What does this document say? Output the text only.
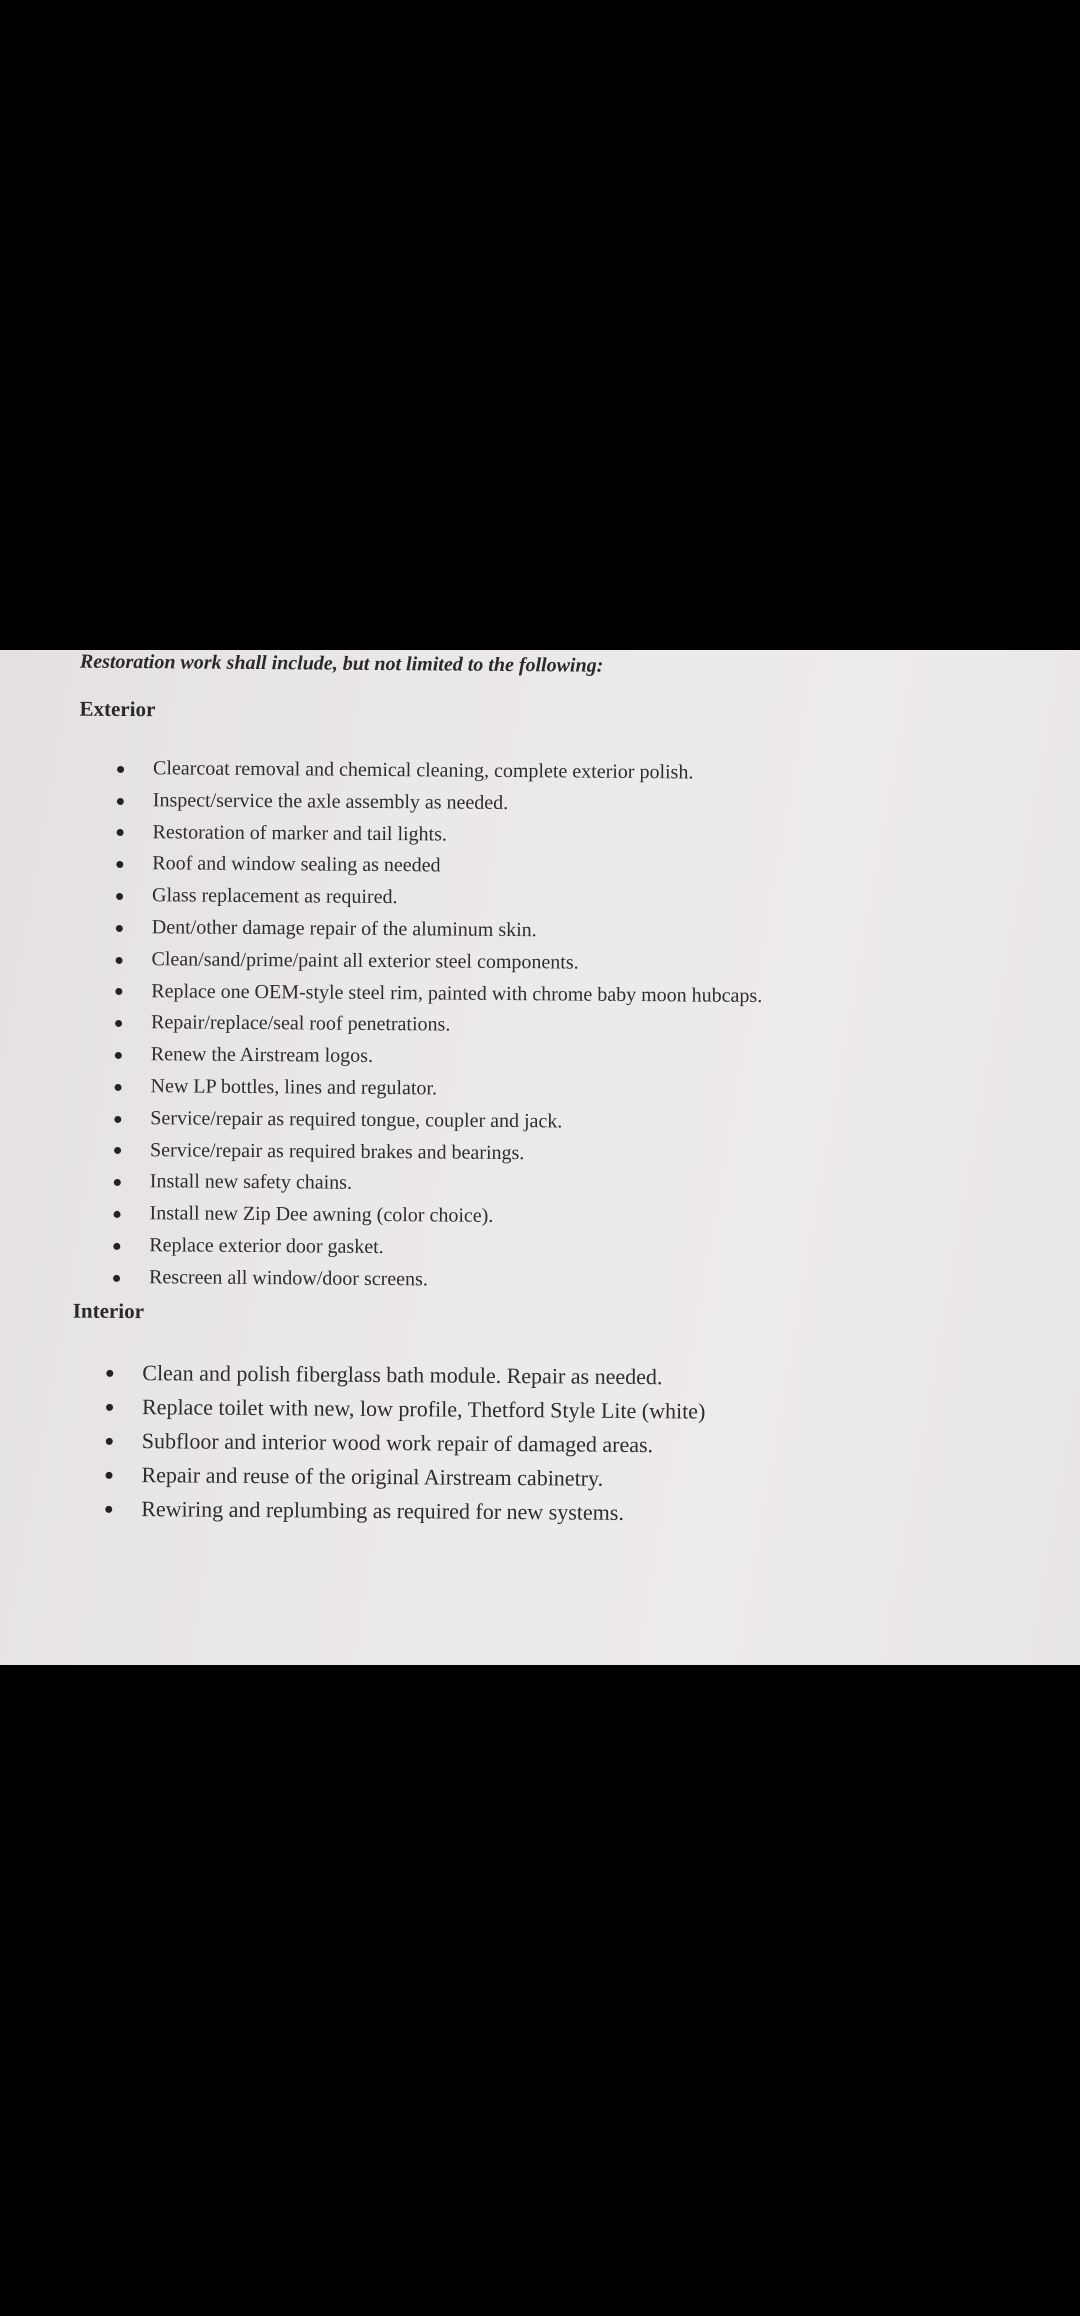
Restoration work shall include, but not limited to the following:
Exterior
Clearcoat removal and chemical cleaning, complete exterior polish.
Inspect/service the axle assembly as needed.
Restoration of marker and tail lights.
Roof and window sealing as needed
Glass replacement as required.
Dent/other damage repair of the aluminum skin.
Clean/sand/prime/paint all exterior steel components.
Replace one OEM-style steel rim, painted with chrome baby moon hubcaps.
Repair/replace/seal roof penetrations.
Renew the Airstream logos.
New LP bottles, lines and regulator.
Service/repair as required tongue, coupler and jack.
Service/repair as required brakes and bearings.
Install new safety chains.
Install new Zip Dee awning (color choice).
Replace exterior door gasket.
Rescreen all window/door screens.
Interior
Clean and polish fiberglass bath module. Repair as needed.
Replace toilet with new, low profile, Thetford Style Lite (white)
Subfloor and interior wood work repair of damaged areas.
Repair and reuse of the original Airstream cabinetry.
Rewiring and replumbing as required for new systems.
